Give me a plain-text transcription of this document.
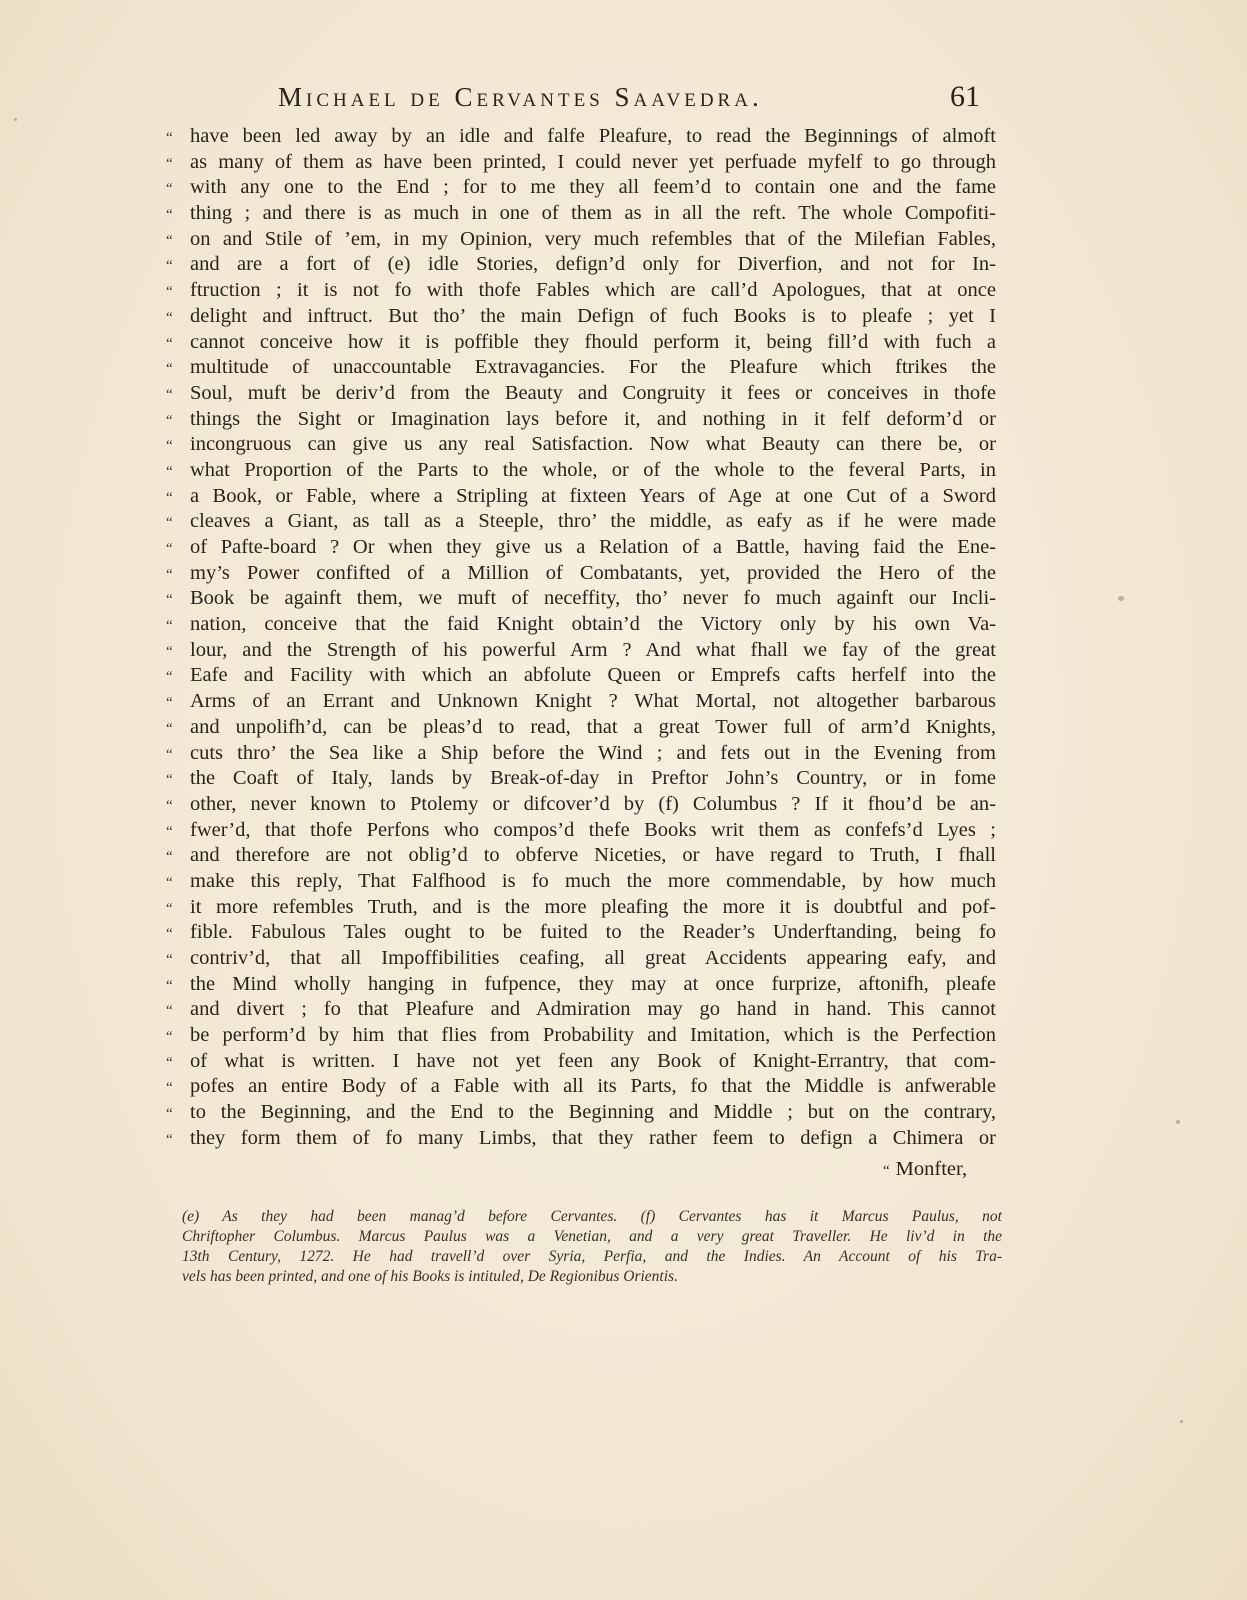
Michael de Cervantes Saavedra.	61
“ have been led away by an idle and falfe Pleafure, to read the Beginnings of almoft
“ as many of them as have been printed, I could never yet perfuade myfelf to go through
“ with any one to the End ; for to me they all feem’d to contain one and the fame
“ thing ; and there is as much in one of them as in all the reft. The whole Compofiti-
“ on and Stile of ’em, in my Opinion, very much refembles that of the Milefian Fables,
“ and are a fort of (e) idle Stories, defign’d only for Diverfion, and not for In-
“ ftruction ; it is not fo with thofe Fables which are call’d Apologues, that at once
“ delight and inftruct. But tho’ the main Defign of fuch Books is to pleafe ; yet I
“ cannot conceive how it is poffible they fhould perform it, being fill’d with fuch a
“ multitude of unaccountable Extravagancies. For the Pleafure which ftrikes the
“ Soul, muft be deriv’d from the Beauty and Congruity it fees or conceives in thofe
“ things the Sight or Imagination lays before it, and nothing in it felf deform’d or
“ incongruous can give us any real Satisfaction. Now what Beauty can there be, or
“ what Proportion of the Parts to the whole, or of the whole to the feveral Parts, in
“ a Book, or Fable, where a Stripling at fixteen Years of Age at one Cut of a Sword
“ cleaves a Giant, as tall as a Steeple, thro’ the middle, as eafy as if he were made
“ of Pafte-board ? Or when they give us a Relation of a Battle, having faid the Ene-
“ my’s Power confifted of a Million of Combatants, yet, provided the Hero of the
“ Book be againft them, we muft of neceffity, tho’ never fo much againft our Incli-
“ nation, conceive that the faid Knight obtain’d the Victory only by his own Va-
“ lour, and the Strength of his powerful Arm ? And what fhall we fay of the great
“ Eafe and Facility with which an abfolute Queen or Emprefs cafts herfelf into the
“ Arms of an Errant and Unknown Knight ? What Mortal, not altogether barbarous
“ and unpolifh’d, can be pleas’d to read, that a great Tower full of arm’d Knights,
“ cuts thro’ the Sea like a Ship before the Wind ; and fets out in the Evening from
“ the Coaft of Italy, lands by Break-of-day in Preftor John’s Country, or in fome
“ other, never known to Ptolemy or difcover’d by (f) Columbus ? If it fhou’d be an-
“ fwer’d, that thofe Perfons who compos’d thefe Books writ them as confefs’d Lyes ;
“ and therefore are not oblig’d to obferve Niceties, or have regard to Truth, I fhall
“ make this reply, That Falfhood is fo much the more commendable, by how much
“ it more refembles Truth, and is the more pleafing the more it is doubtful and pof-
“ fible. Fabulous Tales ought to be fuited to the Reader’s Underftanding, being fo
“ contriv’d, that all Impoffibilities ceafing, all great Accidents appearing eafy, and
“ the Mind wholly hanging in fufpence, they may at once furprize, aftonifh, pleafe
“ and divert ; fo that Pleafure and Admiration may go hand in hand. This cannot
“ be perform’d by him that flies from Probability and Imitation, which is the Perfection
“ of what is written. I have not yet feen any Book of Knight-Errantry, that com-
“ pofes an entire Body of a Fable with all its Parts, fo that the Middle is anfwerable
“ to the Beginning, and the End to the Beginning and Middle ; but on the contrary,
“ they form them of fo many Limbs, that they rather feem to defign a Chimera or
“ Monfter,
(e) As they had been manag’d before Cervantes. (f) Cervantes has it Marcus Paulus, not
Chriftopher Columbus. Marcus Paulus was a Venetian, and a very great Traveller. He liv’d in the
13th Century, 1272. He had travell’d over Syria, Perfia, and the Indies. An Account of his Tra-
vels has been printed, and one of his Books is intituled, De Regionibus Orientis.
